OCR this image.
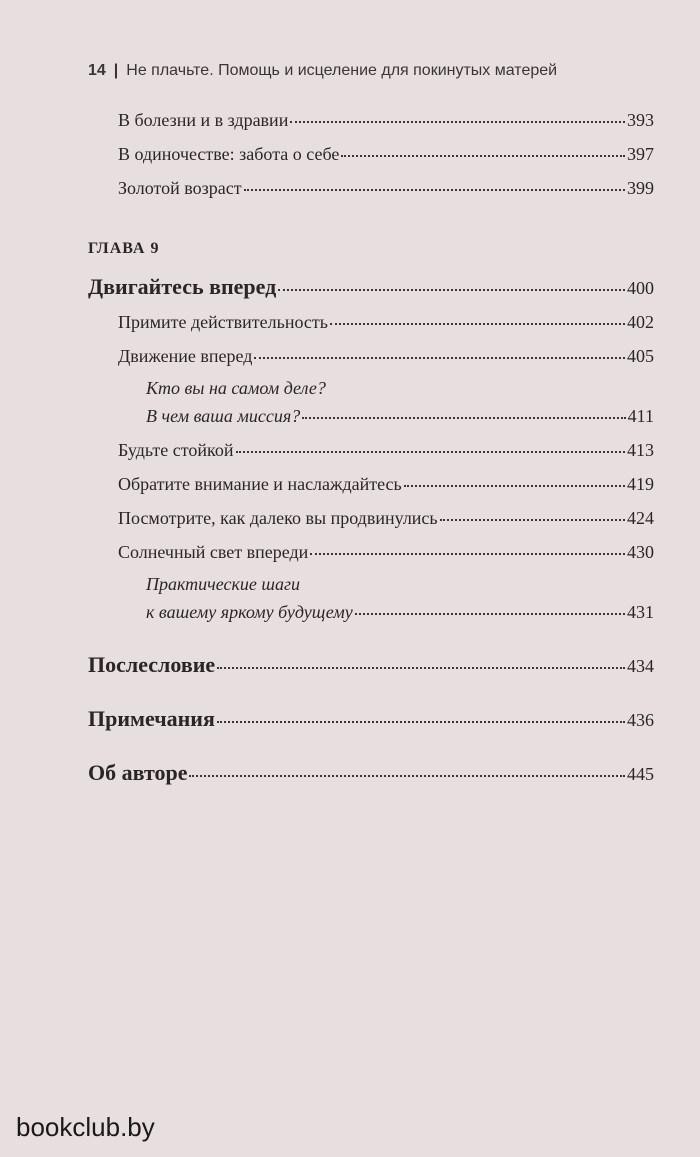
14 | Не плачьте. Помощь и исцеление для покинутых матерей
В болезни и в здравии	393
В одиночестве: забота о себе	397
Золотой возраст	399
ГЛАВА 9
Двигайтесь вперед	400
Примите действительность	402
Движение вперед	405
Кто вы на самом деле?
В чем ваша миссия?	411
Будьте стойкой	413
Обратите внимание и наслаждайтесь	419
Посмотрите, как далеко вы продвинулись	424
Солнечный свет впереди	430
Практические шаги
к вашему яркому будущему	431
Послесловие	434
Примечания	436
Об авторе	445
bookclub.by
